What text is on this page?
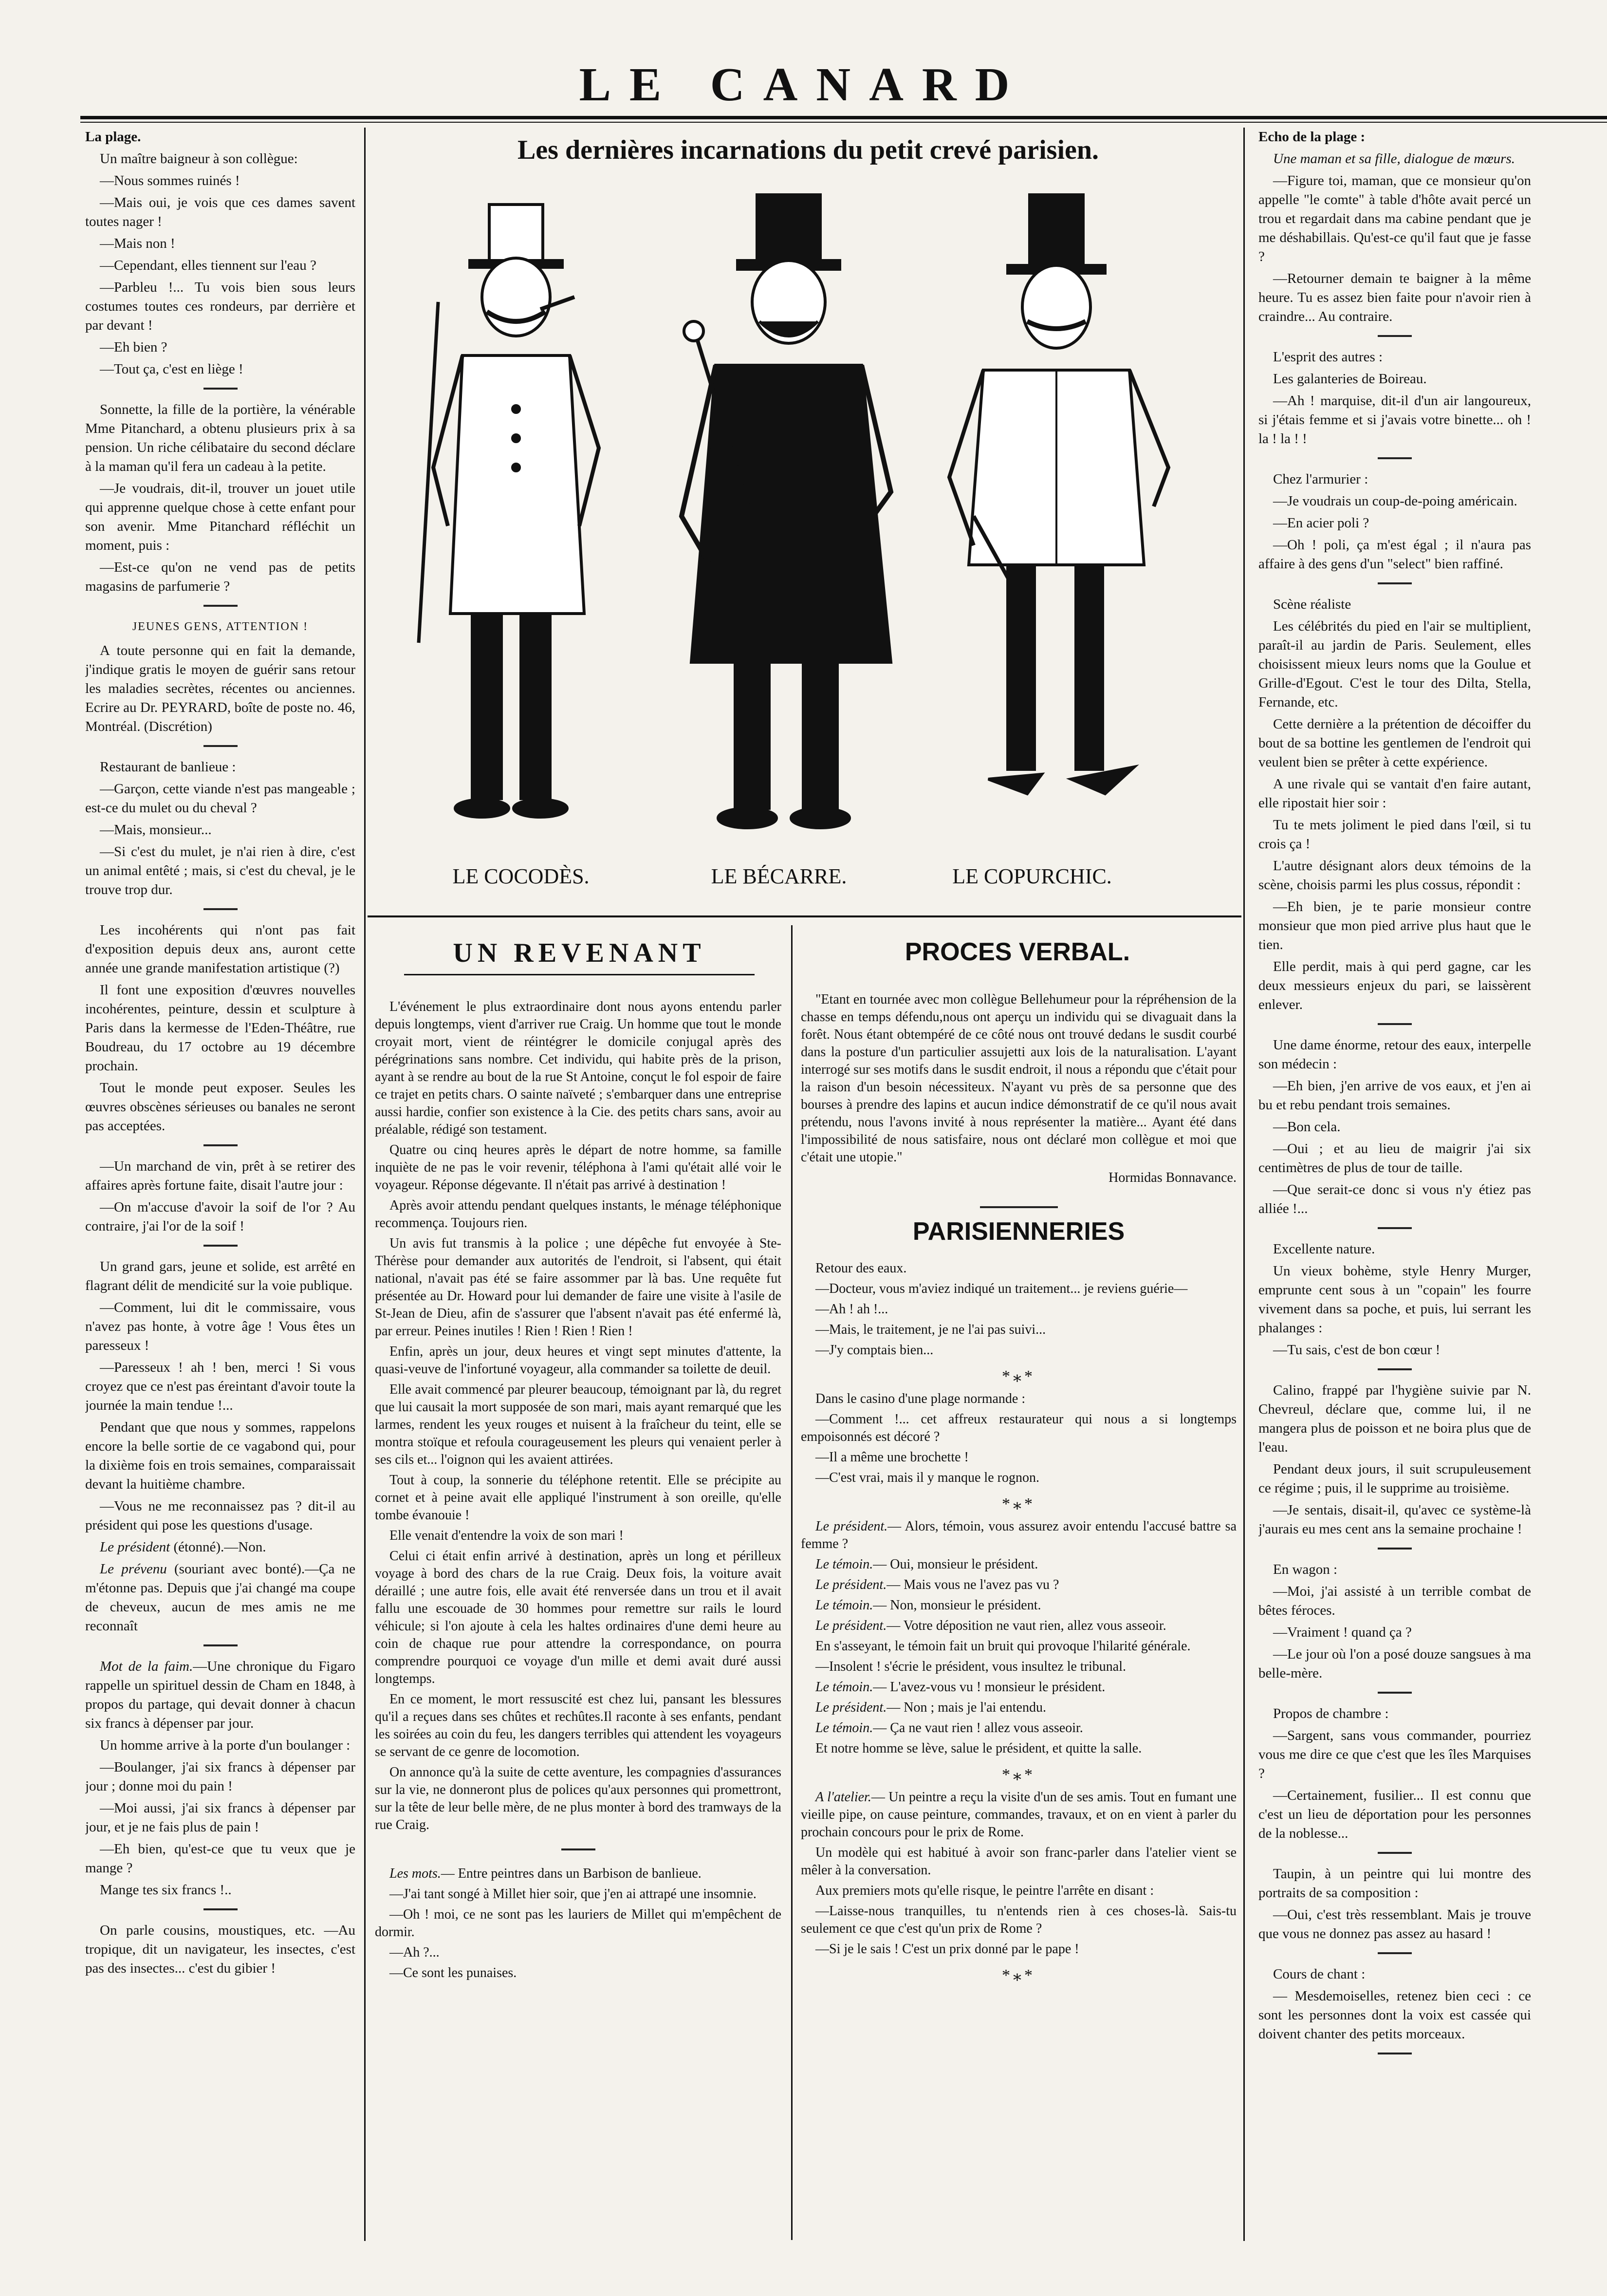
LE CANARD

La plage.

Un maître baigneur à son collègue:

—Nous sommes ruinés !

—Mais oui, je vois que ces dames savent toutes nager !

—Mais non !

—Cependant, elles tiennent sur l'eau ?

—Parbleu !... Tu vois bien sous leurs costumes toutes ces rondeurs, par derrière et par devant !

—Eh bien ?

—Tout ça, c'est en liège !

Sonnette, la fille de la portière, la vénérable Mme Pitanchard, a obtenu plusieurs prix à sa pension. Un riche célibataire du second déclare à la maman qu'il fera un cadeau à la petite.

—Je voudrais, dit-il, trouver un jouet utile qui apprenne quelque chose à cette enfant pour son avenir. Mme Pitanchard réfléchit un moment, puis :

—Est-ce qu'on ne vend pas de petits magasins de parfumerie ?

JEUNES GENS, ATTENTION !

A toute personne qui en fait la demande, j'indique gratis le moyen de guérir sans retour les maladies secrètes, récentes ou anciennes. Ecrire au Dr. PEYRARD, boîte de poste no. 46, Montréal. (Discrétion)

Restaurant de banlieue :

—Garçon, cette viande n'est pas mangeable ; est-ce du mulet ou du cheval ?

—Mais, monsieur...

—Si c'est du mulet, je n'ai rien à dire, c'est un animal entêté ; mais, si c'est du cheval, je le trouve trop dur.

Les incohérents qui n'ont pas fait d'exposition depuis deux ans, auront cette année une grande manifestation artistique (?)

Il font une exposition d'œuvres nouvelles incohérentes, peinture, dessin et sculpture à Paris dans la kermesse de l'Eden-Théâtre, rue Boudreau, du 17 octobre au 19 décembre prochain.

Tout le monde peut exposer. Seules les œuvres obscènes sérieuses ou banales ne seront pas acceptées.

—Un marchand de vin, prêt à se retirer des affaires après fortune faite, disait l'autre jour :

—On m'accuse d'avoir la soif de l'or ? Au contraire, j'ai l'or de la soif !

Un grand gars, jeune et solide, est arrêté en flagrant délit de mendicité sur la voie publique.

—Comment, lui dit le commissaire, vous n'avez pas honte, à votre âge ! Vous êtes un paresseux !

—Paresseux ! ah ! ben, merci ! Si vous croyez que ce n'est pas éreintant d'avoir toute la journée la main tendue !...

Pendant que que nous y sommes, rappelons encore la belle sortie de ce vagabond qui, pour la dixième fois en trois semaines, comparaissait devant la huitième chambre.

—Vous ne me reconnaissez pas ? dit-il au président qui pose les questions d'usage.

Le président (étonné).—Non.

Le prévenu (souriant avec bonté).—Ça ne m'étonne pas. Depuis que j'ai changé ma coupe de cheveux, aucun de mes amis ne me reconnaît

Mot de la faim.—Une chronique du Figaro rappelle un spirituel dessin de Cham en 1848, à propos du partage, qui devait donner à chacun six francs à dépenser par jour.

Un homme arrive à la porte d'un boulanger :

—Boulanger, j'ai six francs à dépenser par jour ; donne moi du pain !

—Moi aussi, j'ai six francs à dépenser par jour, et je ne fais plus de pain !

—Eh bien, qu'est-ce que tu veux que je mange ?

Mange tes six francs !..

On parle cousins, moustiques, etc. —Au tropique, dit un navigateur, les insectes, c'est pas des insectes... c'est du gibier !

Les dernières incarnations du petit crevé parisien.
LE COCODÈS.	LE BÉCARRE.	LE COPURCHIC.
UN REVENANT

L'événement le plus extraordinaire dont nous ayons entendu parler depuis longtemps, vient d'arriver rue Craig. Un homme que tout le monde croyait mort, vient de réintégrer le domicile conjugal après des pérégrinations sans nombre. Cet individu, qui habite près de la prison, ayant à se rendre au bout de la rue St Antoine, conçut le fol espoir de faire ce trajet en petits chars. O sainte naïveté ; s'embarquer dans une entreprise aussi hardie, confier son existence à la Cie. des petits chars sans, avoir au préalable, rédigé son testament.

Quatre ou cinq heures après le départ de notre homme, sa famille inquiète de ne pas le voir revenir, téléphona à l'ami qu'était allé voir le voyageur. Réponse dégevante. Il n'était pas arrivé à destination !

Après avoir attendu pendant quelques instants, le ménage téléphonique recommença. Toujours rien.

Un avis fut transmis à la police ; une dépêche fut envoyée à Ste-Thérèse pour demander aux autorités de l'endroit, si l'absent, qui était national, n'avait pas été se faire assommer par là bas. Une requête fut présentée au Dr. Howard pour lui demander de faire une visite à l'asile de St-Jean de Dieu, afin de s'assurer que l'absent n'avait pas été enfermé là, par erreur. Peines inutiles ! Rien ! Rien ! Rien !

Enfin, après un jour, deux heures et vingt sept minutes d'attente, la quasi-veuve de l'infortuné voyageur, alla commander sa toilette de deuil.

Elle avait commencé par pleurer beaucoup, témoignant par là, du regret que lui causait la mort supposée de son mari, mais ayant remarqué que les larmes, rendent les yeux rouges et nuisent à la fraîcheur du teint, elle se montra stoïque et refoula courageusement les pleurs qui venaient perler à ses cils et... l'oignon qui les avaient attirées.

Tout à coup, la sonnerie du téléphone retentit. Elle se précipite au cornet et à peine avait elle appliqué l'instrument à son oreille, qu'elle tombe évanouie !

Elle venait d'entendre la voix de son mari !

Celui ci était enfin arrivé à destination, après un long et périlleux voyage à bord des chars de la rue Craig. Deux fois, la voiture avait déraillé ; une autre fois, elle avait été renversée dans un trou et il avait fallu une escouade de 30 hommes pour remettre sur rails le lourd véhicule; si l'on ajoute à cela les haltes ordinaires d'une demi heure au coin de chaque rue pour attendre la correspondance, on pourra comprendre pourquoi ce voyage d'un mille et demi avait duré aussi longtemps.

En ce moment, le mort ressuscité est chez lui, pansant les blessures qu'il a reçues dans ses chûtes et rechûtes.Il raconte à ses enfants, pendant les soirées au coin du feu, les dangers terribles qui attendent les voyageurs se servant de ce genre de locomotion.

On annonce qu'à la suite de cette aventure, les compagnies d'assurances sur la vie, ne donneront plus de polices qu'aux personnes qui promettront, sur la tête de leur belle mère, de ne plus monter à bord des tramways de la rue Craig.

Les mots.— Entre peintres dans un Barbison de banlieue.

—J'ai tant songé à Millet hier soir, que j'en ai attrapé une insomnie.

—Oh ! moi, ce ne sont pas les lauriers de Millet qui m'empêchent de dormir.

—Ah ?...

—Ce sont les punaises.

PROCES VERBAL.

"Etant en tournée avec mon collègue Bellehumeur pour la répréhension de la chasse en temps défendu,nous ont aperçu un individu qui se divaguait dans la forêt. Nous étant obtempéré de ce côté nous ont trouvé dedans le susdit courbé dans la posture d'un particulier assujetti aux lois de la naturalisation. L'ayant interrogé sur ses motifs dans le susdit endroit, il nous a répondu que c'était pour la raison d'un besoin nécessiteux. N'ayant vu près de sa personne que des bourses à prendre des lapins et aucun indice démonstratif de ce qu'il nous avait prétendu, nous l'avons invité à nous représenter la matière... Ayant été dans l'impossibilité de nous satisfaire, nous ont déclaré mon collègue et moi que c'était une utopie."

Hormidas Bonnavance.

PARISIENNERIES

Retour des eaux.

—Docteur, vous m'aviez indiqué un traitement... je reviens guérie—

—Ah ! ah !...

—Mais, le traitement, je ne l'ai pas suivi...

—J'y comptais bien...

*⁎*

Dans le casino d'une plage normande :

—Comment !... cet affreux restaurateur qui nous a si longtemps empoisonnés est décoré ?

—Il a même une brochette !

—C'est vrai, mais il y manque le rognon.

*⁎*

Le président.— Alors, témoin, vous assurez avoir entendu l'accusé battre sa femme ?

Le témoin.— Oui, monsieur le président.

Le président.— Mais vous ne l'avez pas vu ?

Le témoin.— Non, monsieur le président.

Le président.— Votre déposition ne vaut rien, allez vous asseoir.

En s'asseyant, le témoin fait un bruit qui provoque l'hilarité générale.

—Insolent ! s'écrie le président, vous insultez le tribunal.

Le témoin.— L'avez-vous vu ! monsieur le président.

Le président.— Non ; mais je l'ai entendu.

Le témoin.— Ça ne vaut rien ! allez vous asseoir.

Et notre homme se lève, salue le président, et quitte la salle.

*⁎*

A l'atelier.— Un peintre a reçu la visite d'un de ses amis. Tout en fumant une vieille pipe, on cause peinture, commandes, travaux, et on en vient à parler du prochain concours pour le prix de Rome.

Un modèle qui est habitué à avoir son franc-parler dans l'atelier vient se mêler à la conversation.

Aux premiers mots qu'elle risque, le peintre l'arrête en disant :

—Laisse-nous tranquilles, tu n'entends rien à ces choses-là. Sais-tu seulement ce que c'est qu'un prix de Rome ?

—Si je le sais ! C'est un prix donné par le pape !

*⁎*

Echo de la plage :

Une maman et sa fille, dialogue de mœurs.

—Figure toi, maman, que ce monsieur qu'on appelle "le comte" à table d'hôte avait percé un trou et regardait dans ma cabine pendant que je me déshabillais. Qu'est-ce qu'il faut que je fasse ?

—Retourner demain te baigner à la même heure. Tu es assez bien faite pour n'avoir rien à craindre... Au contraire.

L'esprit des autres :

Les galanteries de Boireau.

—Ah ! marquise, dit-il d'un air langoureux, si j'étais femme et si j'avais votre binette... oh ! la ! la ! !

Chez l'armurier :

—Je voudrais un coup-de-poing américain.

—En acier poli ?

—Oh ! poli, ça m'est égal ; il n'aura pas affaire à des gens d'un "select" bien raffiné.

Scène réaliste

Les célébrités du pied en l'air se multiplient, paraît-il au jardin de Paris. Seulement, elles choisissent mieux leurs noms que la Goulue et Grille-d'Egout. C'est le tour des Dilta, Stella, Fernande, etc.

Cette dernière a la prétention de décoiffer du bout de sa bottine les gentlemen de l'endroit qui veulent bien se prêter à cette expérience.

A une rivale qui se vantait d'en faire autant, elle ripostait hier soir :

Tu te mets joliment le pied dans l'œil, si tu crois ça !

L'autre désignant alors deux témoins de la scène, choisis parmi les plus cossus, répondit :

—Eh bien, je te parie monsieur contre monsieur que mon pied arrive plus haut que le tien.

Elle perdit, mais à qui perd gagne, car les deux messieurs enjeux du pari, se laissèrent enlever.

Une dame énorme, retour des eaux, interpelle son médecin :

—Eh bien, j'en arrive de vos eaux, et j'en ai bu et rebu pendant trois semaines.

—Bon cela.

—Oui ; et au lieu de maigrir j'ai six centimètres de plus de tour de taille.

—Que serait-ce donc si vous n'y étiez pas alliée !...

Excellente nature.

Un vieux bohème, style Henry Murger, emprunte cent sous à un "copain" les fourre vivement dans sa poche, et puis, lui serrant les phalanges :

—Tu sais, c'est de bon cœur !

Calino, frappé par l'hygiène suivie par N. Chevreul, déclare que, comme lui, il ne mangera plus de poisson et ne boira plus que de l'eau.

Pendant deux jours, il suit scrupuleusement ce régime ; puis, il le supprime au troisième.

—Je sentais, disait-il, qu'avec ce système-là j'aurais eu mes cent ans la semaine prochaine !

En wagon :

—Moi, j'ai assisté à un terrible combat de bêtes féroces.

—Vraiment ! quand ça ?

—Le jour où l'on a posé douze sangsues à ma belle-mère.

Propos de chambre :

—Sargent, sans vous commander, pourriez vous me dire ce que c'est que les îles Marquises ?

—Certainement, fusilier... Il est connu que c'est un lieu de déportation pour les personnes de la noblesse...

Taupin, à un peintre qui lui montre des portraits de sa composition :

—Oui, c'est très ressemblant. Mais je trouve que vous ne donnez pas assez au hasard !

Cours de chant :

— Mesdemoiselles, retenez bien ceci : ce sont les personnes dont la voix est cassée qui doivent chanter des petits morceaux.
